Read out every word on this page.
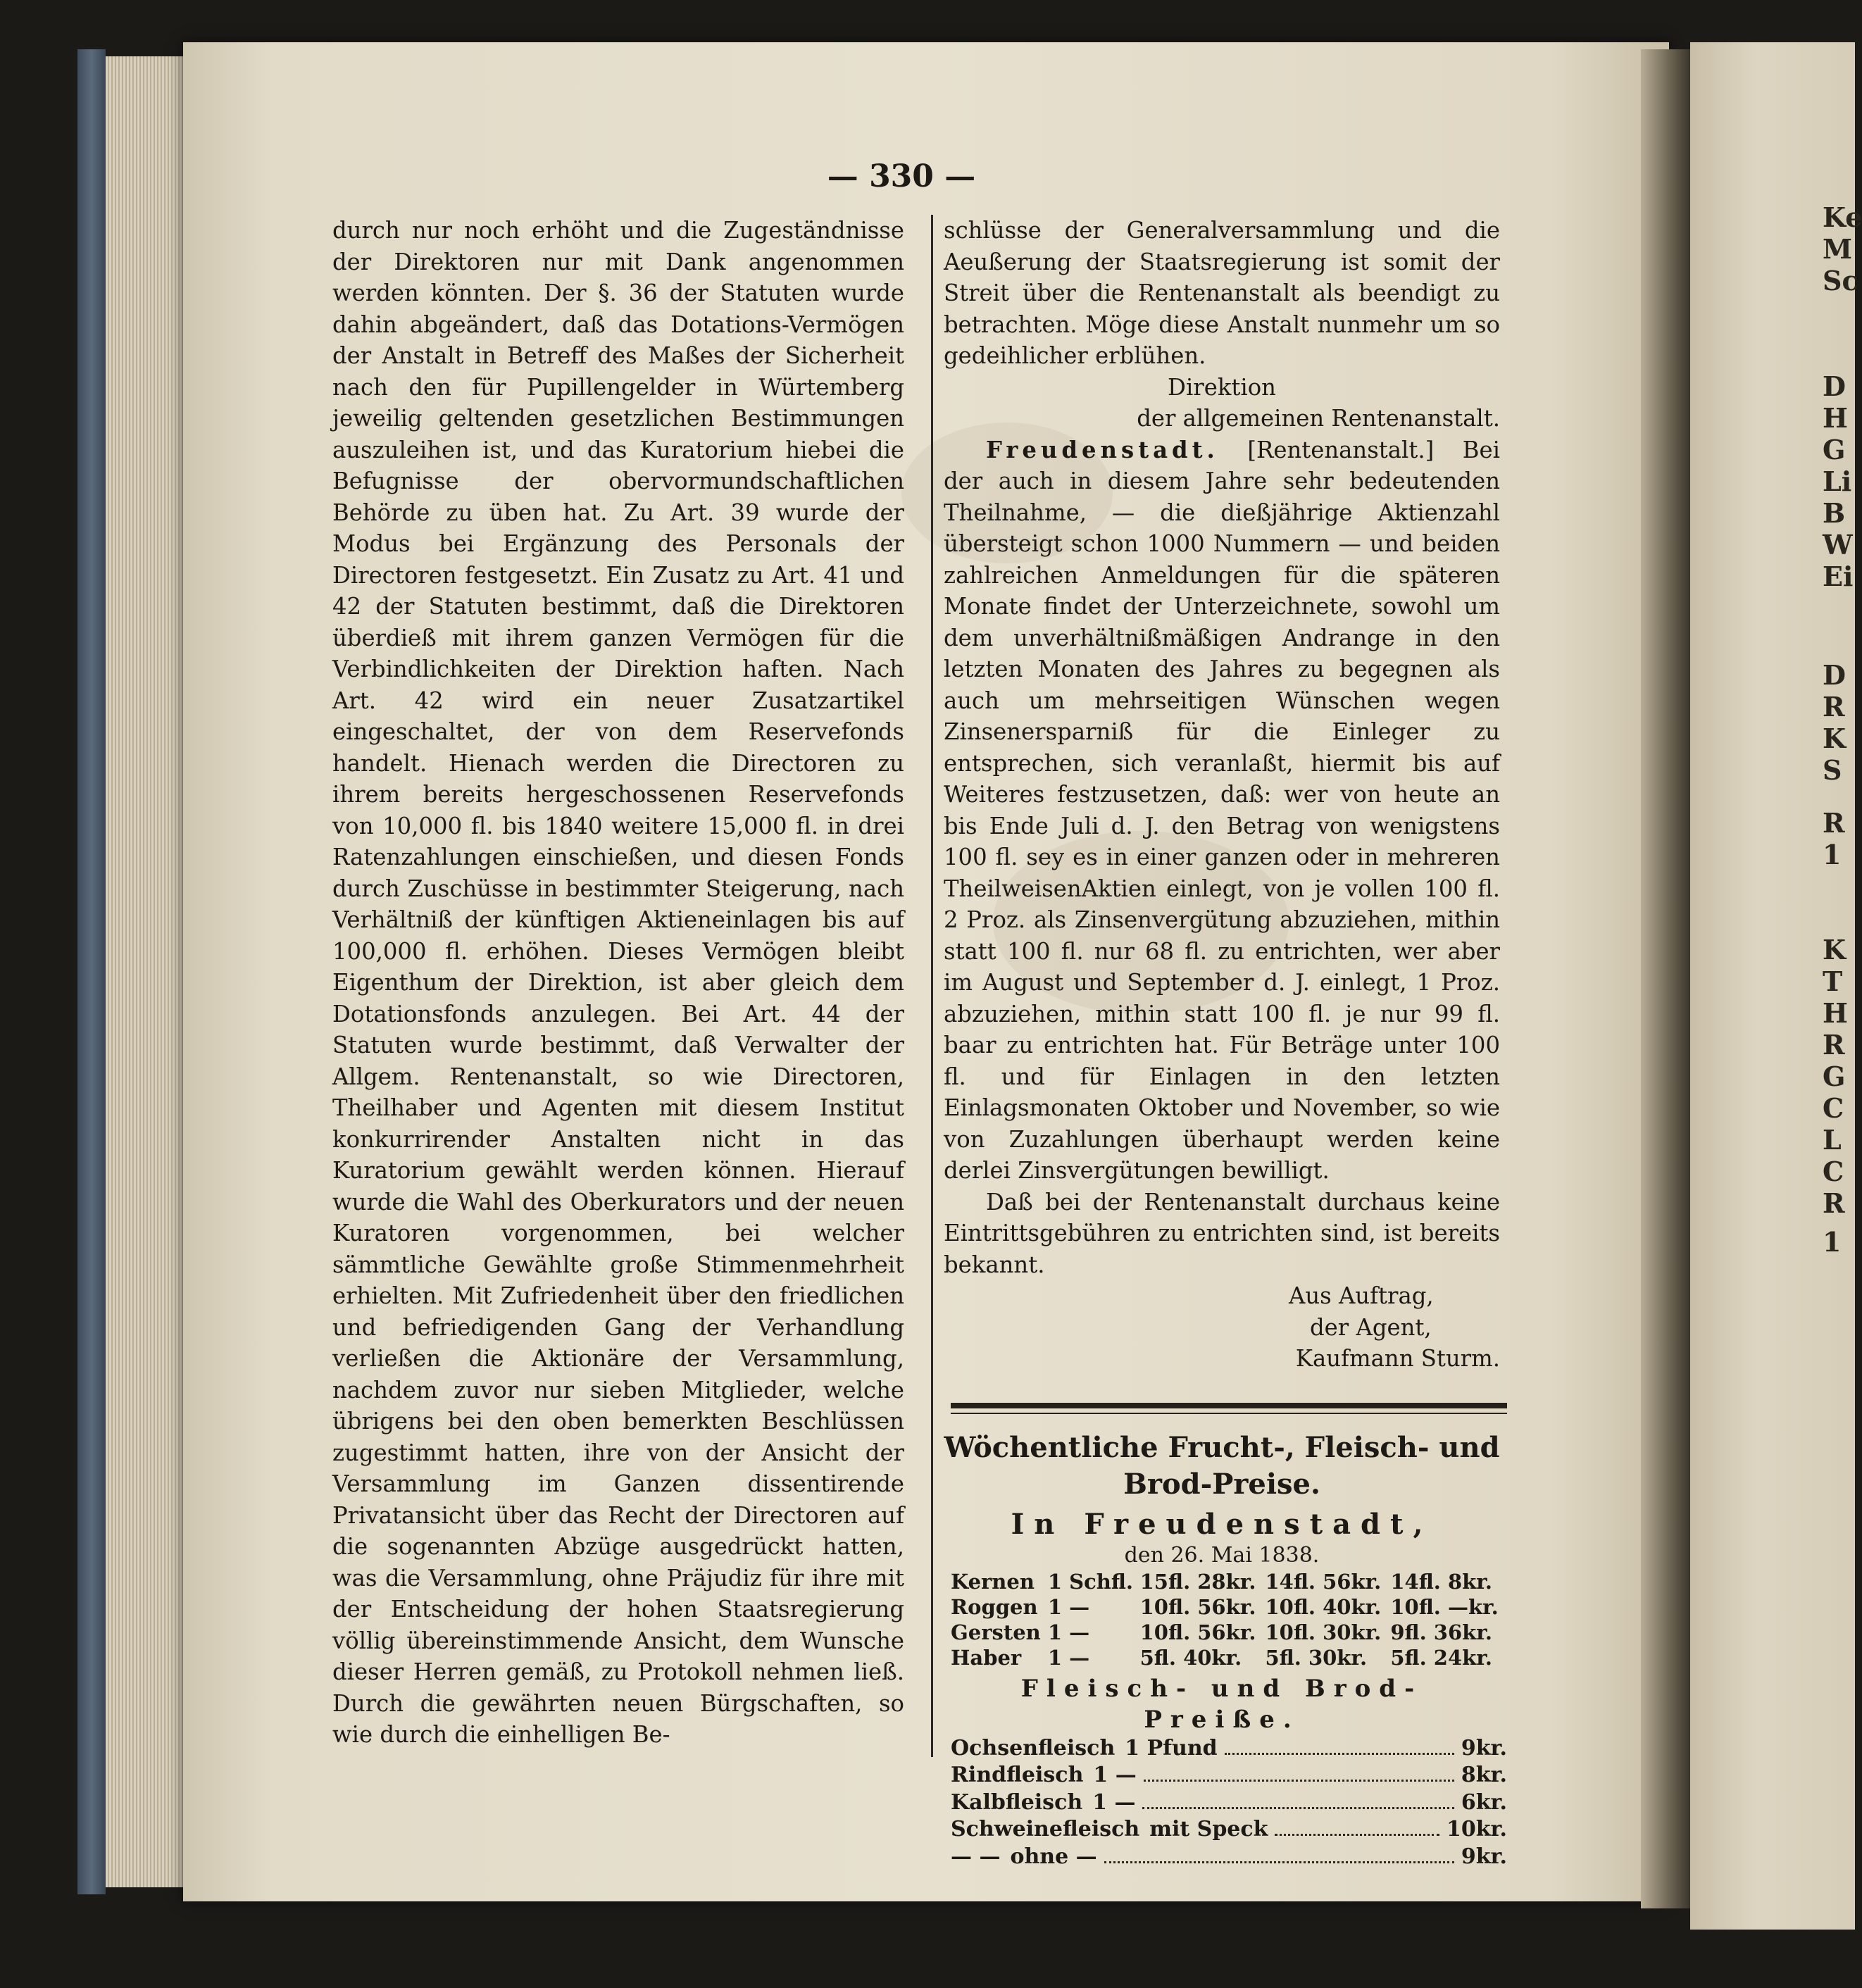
Ke
M
Sc
D
H
G
Li
B
W
Ei
D
R
K
S
R
1
K
T
H
R
G
C
L
C
R
1
— 330 —

durch nur noch erhöht und die Zugeständnisse der Direktoren nur mit Dank angenommen werden könnten. Der §. 36 der Statuten wurde dahin abgeändert, daß das Dotations-Vermögen der Anstalt in Betreff des Maßes der Sicherheit nach den für Pupillengelder in Würtemberg jeweilig geltenden gesetzlichen Bestimmungen auszuleihen ist, und das Kuratorium hiebei die Befugnisse der obervormundschaftlichen Behörde zu üben hat. Zu Art. 39 wurde der Modus bei Ergänzung des Personals der Directoren festgesetzt. Ein Zusatz zu Art. 41 und 42 der Statuten bestimmt, daß die Direktoren überdieß mit ihrem ganzen Vermögen für die Verbindlichkeiten der Direktion haften. Nach Art. 42 wird ein neuer Zusatzartikel eingeschaltet, der von dem Reservefonds handelt. Hienach werden die Directoren zu ihrem bereits hergeschossenen Reservefonds von 10,000 fl. bis 1840 weitere 15,000 fl. in drei Ratenzahlungen einschießen, und diesen Fonds durch Zuschüsse in bestimmter Steigerung, nach Verhältniß der künftigen Aktieneinlagen bis auf 100,000 fl. erhöhen. Dieses Vermögen bleibt Eigenthum der Direktion, ist aber gleich dem Dotationsfonds anzulegen. Bei Art. 44 der Statuten wurde bestimmt, daß Verwalter der Allgem. Rentenanstalt, so wie Directoren, Theilhaber und Agenten mit diesem Institut konkurrirender Anstalten nicht in das Kuratorium gewählt werden können. Hierauf wurde die Wahl des Oberkurators und der neuen Kuratoren vorgenommen, bei welcher sämmtliche Gewählte große Stimmenmehrheit erhielten. Mit Zufriedenheit über den friedlichen und befriedigenden Gang der Verhandlung verließen die Aktionäre der Versammlung, nachdem zuvor nur sieben Mitglieder, welche übrigens bei den oben bemerkten Beschlüssen zugestimmt hatten, ihre von der Ansicht der Versammlung im Ganzen dissentirende Privatansicht über das Recht der Directoren auf die sogenannten Abzüge ausgedrückt hatten, was die Versammlung, ohne Präjudiz für ihre mit der Entscheidung der hohen Staatsregierung völlig übereinstimmende Ansicht, dem Wunsche dieser Herren gemäß, zu Protokoll nehmen ließ. Durch die gewährten neuen Bürgschaften, so wie durch die einhelligen Be-

schlüsse der Generalversammlung und die Aeußerung der Staatsregierung ist somit der Streit über die Rentenanstalt als beendigt zu betrachten. Möge diese Anstalt nunmehr um so gedeihlicher erblühen.

Direktion

der allgemeinen Rentenanstalt.

Freudenstadt. [Rentenanstalt.] Bei der auch in diesem Jahre sehr bedeutenden Theilnahme, — die dießjährige Aktienzahl übersteigt schon 1000 Nummern — und beiden zahlreichen Anmeldungen für die späteren Monate findet der Unterzeichnete, sowohl um dem unverhältnißmäßigen Andrange in den letzten Monaten des Jahres zu begegnen als auch um mehrseitigen Wünschen wegen Zinsenersparniß für die Einleger zu entsprechen, sich veranlaßt, hiermit bis auf Weiteres festzusetzen, daß: wer von heute an bis Ende Juli d. J. den Betrag von wenigstens 100 fl. sey es in einer ganzen oder in mehreren TheilweisenAktien einlegt, von je vollen 100 fl. 2 Proz. als Zinsenvergütung abzuziehen, mithin statt 100 fl. nur 68 fl. zu entrichten, wer aber im August und September d. J. einlegt, 1 Proz. abzuziehen, mithin statt 100 fl. je nur 99 fl. baar zu entrichten hat. Für Beträge unter 100 fl. und für Einlagen in den letzten Einlagsmonaten Oktober und November, so wie von Zuzahlungen überhaupt werden keine derlei Zinsvergütungen bewilligt.

Daß bei der Rentenanstalt durchaus keine Eintrittsgebühren zu entrichten sind, ist bereits bekannt.

Aus Auftrag,

der Agent,

Kaufmann Sturm.

Wöchentliche Frucht-, Fleisch- und

Brod-Preise.

In Freudenstadt,

den 26. Mai 1838.

Kernen	1 Schfl.	15fl. 28kr.	14fl. 56kr.	14fl. 8kr.
Roggen	1 —	10fl. 56kr.	10fl. 40kr.	10fl. —kr.
Gersten	1 —	10fl. 56kr.	10fl. 30kr.	9fl. 36kr.
Haber	1 —	5fl. 40kr.	5fl. 30kr.	5fl. 24kr.

Fleisch- und Brod-Preiße.

Ochsenfleisch 1 Pfund	9kr.
Rindfleisch 1 —	8kr.
Kalbfleisch 1 —	6kr.
Schweinefleisch mit Speck	10kr.
— — ohne —	9kr.
